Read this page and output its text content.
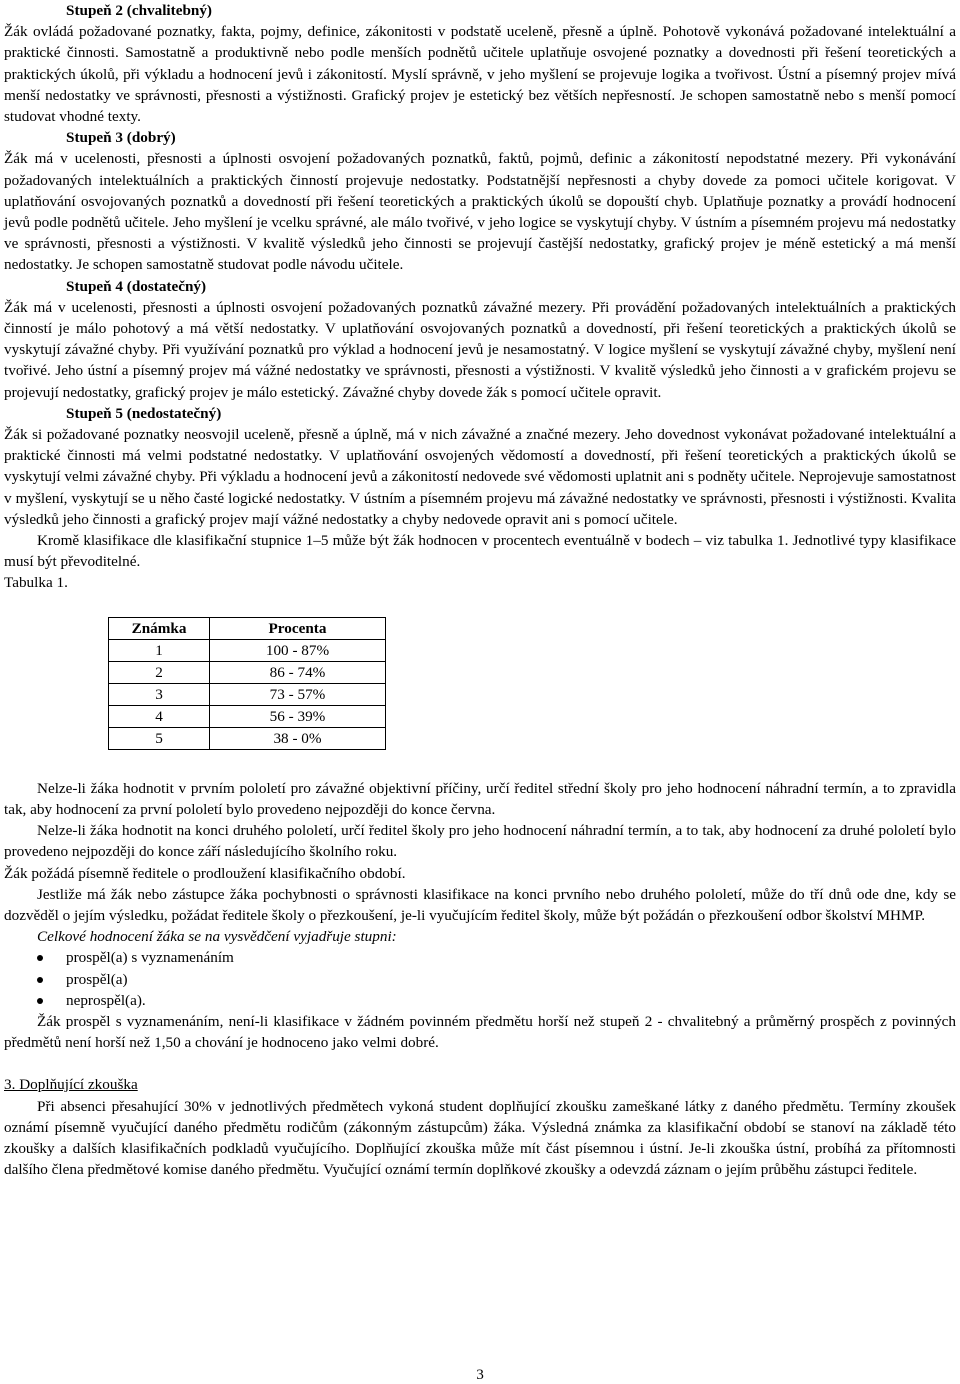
Stupeň 2 (chvalitebný)

Žák ovládá požadované poznatky, fakta, pojmy, definice, zákonitosti v podstatě uceleně, přesně a úplně. Pohotově vykonává požadované intelektuální a praktické činnosti. Samostatně a produktivně nebo podle menších podnětů učitele uplatňuje osvojené poznatky a dovednosti při řešení teoretických a praktických úkolů, při výkladu a hodnocení jevů i zákonitostí. Myslí správně, v jeho myšlení se projevuje logika a tvořivost. Ústní a písemný projev mívá menší nedostatky ve správnosti, přesnosti a výstižnosti. Grafický projev je estetický bez větších nepřesností. Je schopen samostatně nebo s menší pomocí studovat vhodné texty.

Stupeň 3 (dobrý)

Žák má v ucelenosti, přesnosti a úplnosti osvojení požadovaných poznatků, faktů, pojmů, definic a zákonitostí nepodstatné mezery. Při vykonávání požadovaných intelektuálních a praktických činností projevuje nedostatky. Podstatnější nepřesnosti a chyby dovede za pomoci učitele korigovat. V uplatňování osvojovaných poznatků a dovedností při řešení teoretických a praktických úkolů se dopouští chyb. Uplatňuje poznatky a provádí hodnocení jevů podle podnětů učitele. Jeho myšlení je vcelku správné, ale málo tvořivé, v jeho logice se vyskytují chyby. V ústním a písemném projevu má nedostatky ve správnosti, přesnosti a výstižnosti. V kvalitě výsledků jeho činnosti se projevují častější nedostatky, grafický projev je méně estetický a má menší nedostatky. Je schopen samostatně studovat podle návodu učitele.

Stupeň 4 (dostatečný)

Žák má v ucelenosti, přesnosti a úplnosti osvojení požadovaných poznatků závažné mezery. Při provádění požadovaných intelektuálních a praktických činností je málo pohotový a má větší nedostatky. V uplatňování osvojovaných poznatků a dovedností, při řešení teoretických a praktických úkolů se vyskytují závažné chyby. Při využívání poznatků pro výklad a hodnocení jevů je nesamostatný. V logice myšlení se vyskytují závažné chyby, myšlení není tvořivé. Jeho ústní a písemný projev má vážné nedostatky ve správnosti, přesnosti a výstižnosti. V kvalitě výsledků jeho činnosti a v grafickém projevu se projevují nedostatky, grafický projev je málo estetický. Závažné chyby dovede žák s pomocí učitele opravit.

Stupeň 5 (nedostatečný)

Žák si požadované poznatky neosvojil uceleně, přesně a úplně, má v nich závažné a značné mezery. Jeho dovednost vykonávat požadované intelektuální a praktické činnosti má velmi podstatné nedostatky. V uplatňování osvojených vědomostí a dovedností, při řešení teoretických a praktických úkolů se vyskytují velmi závažné chyby. Při výkladu a hodnocení jevů a zákonitostí nedovede své vědomosti uplatnit ani s podněty učitele. Neprojevuje samostatnost v myšlení, vyskytují se u něho časté logické nedostatky. V ústním a písemném projevu má závažné nedostatky ve správnosti, přesnosti i výstižnosti. Kvalita výsledků jeho činnosti a grafický projev mají vážné nedostatky a chyby nedovede opravit ani s pomocí učitele.

Kromě klasifikace dle klasifikační stupnice 1–5 může být žák hodnocen v procentech eventuálně v bodech – viz tabulka 1. Jednotlivé typy klasifikace musí být převoditelné.

Tabulka 1.

Známka	Procenta
1	100 - 87%
2	86 - 74%
3	73 - 57%
4	56 - 39%
5	38 - 0%

Nelze-li žáka hodnotit v prvním pololetí pro závažné objektivní příčiny, určí ředitel střední školy pro jeho hodnocení náhradní termín, a to zpravidla tak, aby hodnocení za první pololetí bylo provedeno nejpozději do konce června.

Nelze-li žáka hodnotit na konci druhého pololetí, určí ředitel školy pro jeho hodnocení náhradní termín, a to tak, aby hodnocení za druhé pololetí bylo provedeno nejpozději do konce září následujícího školního roku.

Žák požádá písemně ředitele o prodloužení klasifikačního období.

Jestliže má žák nebo zástupce žáka pochybnosti o správnosti klasifikace na konci prvního nebo druhého pololetí, může do tří dnů ode dne, kdy se dozvěděl o jejím výsledku, požádat ředitele školy o přezkoušení, je-li vyučujícím ředitel školy, může být požádán o přezkoušení odbor školství MHMP.

Celkové hodnocení žáka se na vysvědčení vyjadřuje stupni:

prospěl(a) s vyznamenáním
prospěl(a)
neprospěl(a).

Žák prospěl s vyznamenáním, není-li klasifikace v žádném povinném předmětu horší než stupeň 2 - chvalitebný a průměrný prospěch z povinných předmětů není horší než 1,50 a chování je hodnoceno jako velmi dobré.

3. Doplňující zkouška

Při absenci přesahující 30% v jednotlivých předmětech vykoná student doplňující zkoušku zameškané látky z daného předmětu. Termíny zkoušek oznámí písemně vyučující daného předmětu rodičům (zákonným zástupcům) žáka. Výsledná známka za klasifikační období se stanoví na základě této zkoušky a dalších klasifikačních podkladů vyučujícího. Doplňující zkouška může mít část písemnou i ústní. Je-li zkouška ústní, probíhá za přítomnosti dalšího člena předmětové komise daného předmětu. Vyučující oznámí termín doplňkové zkoušky a odevzdá záznam o jejím průběhu zástupci ředitele.

3
